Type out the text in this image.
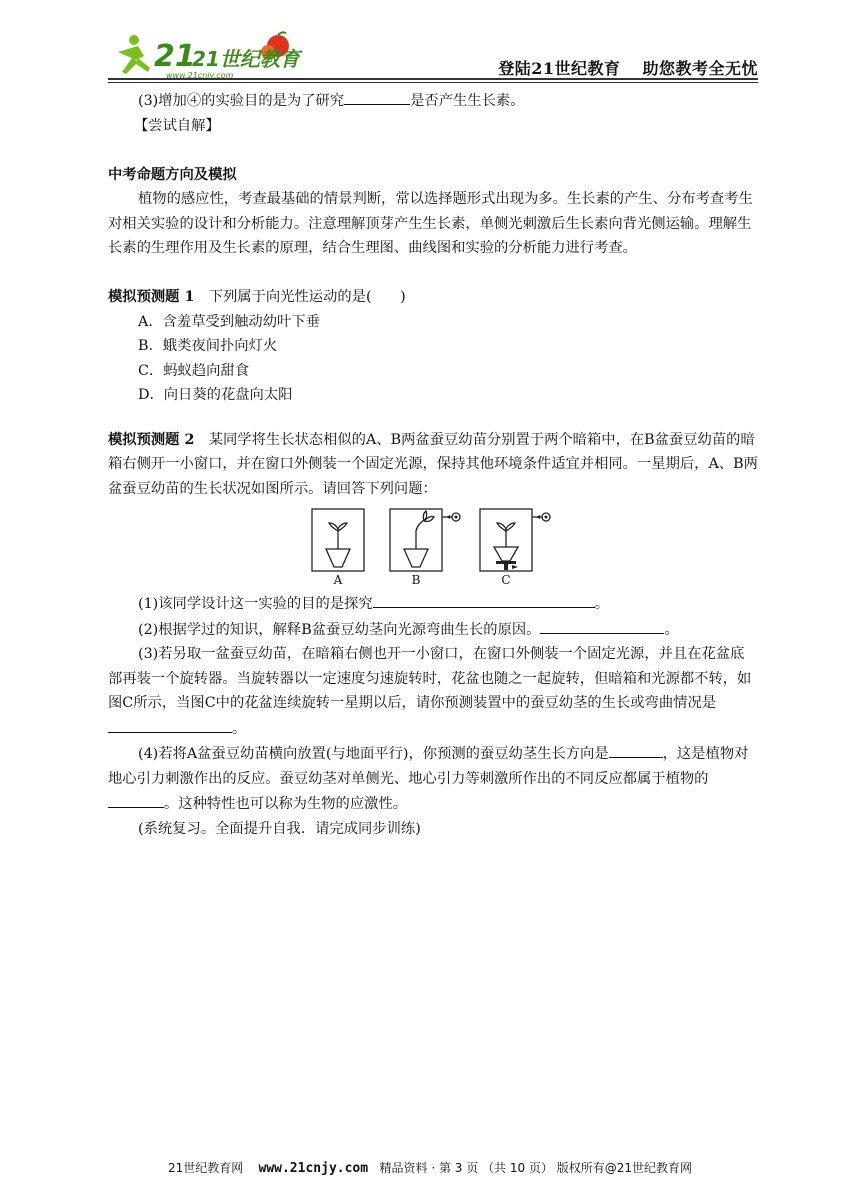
21
21世纪教育
www.21cnjy.com	登陆21世纪教育 助您教考全无忧

(3)增加④的实验目的是为了研究	是否产生生长素。

【尝试自解】

中考命题方向及模拟

植物的感应性，考查最基础的情景判断，常以选择题形式出现为多。生长素的产生、分布考查考生对相关实验的设计和分析能力。注意理解顶芽产生生长素，单侧光刺激后生长素向背光侧运输。理解生长素的生理作用及生长素的原理，结合生理图、曲线图和实验的分析能力进行考查。

模拟预测题 1　 下列属于向光性运动的是(　　)

A．含羞草受到触动幼叶下垂

B．蛾类夜间扑向灯火

C．蚂蚁趋向甜食

D．向日葵的花盘向太阳

模拟预测题 2　 某同学将生长状态相似的A、B两盆蚕豆幼苗分别置于两个暗箱中，在B盆蚕豆幼苗的暗箱右侧开一小窗口，并在窗口外侧装一个固定光源，保持其他环境条件适宜并相同。一星期后，A、B两盆蚕豆幼苗的生长状况如图所示。请回答下列问题：

A	B	C

(1)该同学设计这一实验的目的是探究	。

(2)根据学过的知识，解释B盆蚕豆幼茎向光源弯曲生长的原因。	。

(3)若另取一盆蚕豆幼苗，在暗箱右侧也开一小窗口，在窗口外侧装一个固定光源，并且在花盆底部再装一个旋转器。当旋转器以一定速度匀速旋转时，花盆也随之一起旋转，但暗箱和光源都不转，如图C所示，当图C中的花盆连续旋转一星期以后，请你预测装置中的蚕豆幼茎的生长或弯曲情况是。

(4)若将A盆蚕豆幼苗横向放置(与地面平行)，你预测的蚕豆幼茎生长方向是	，这是植物对地心引力刺激作出的反应。蚕豆幼茎对单侧光、地心引力等刺激所作出的不同反应都属于植物的。这种特性也可以称为生物的应激性。

(系统复习。全面提升自我．请完成同步训练)

21世纪教育网 www.21cnjy.com 精品资料 · 第 3 页 （共 10 页） 版权所有@21世纪教育网
